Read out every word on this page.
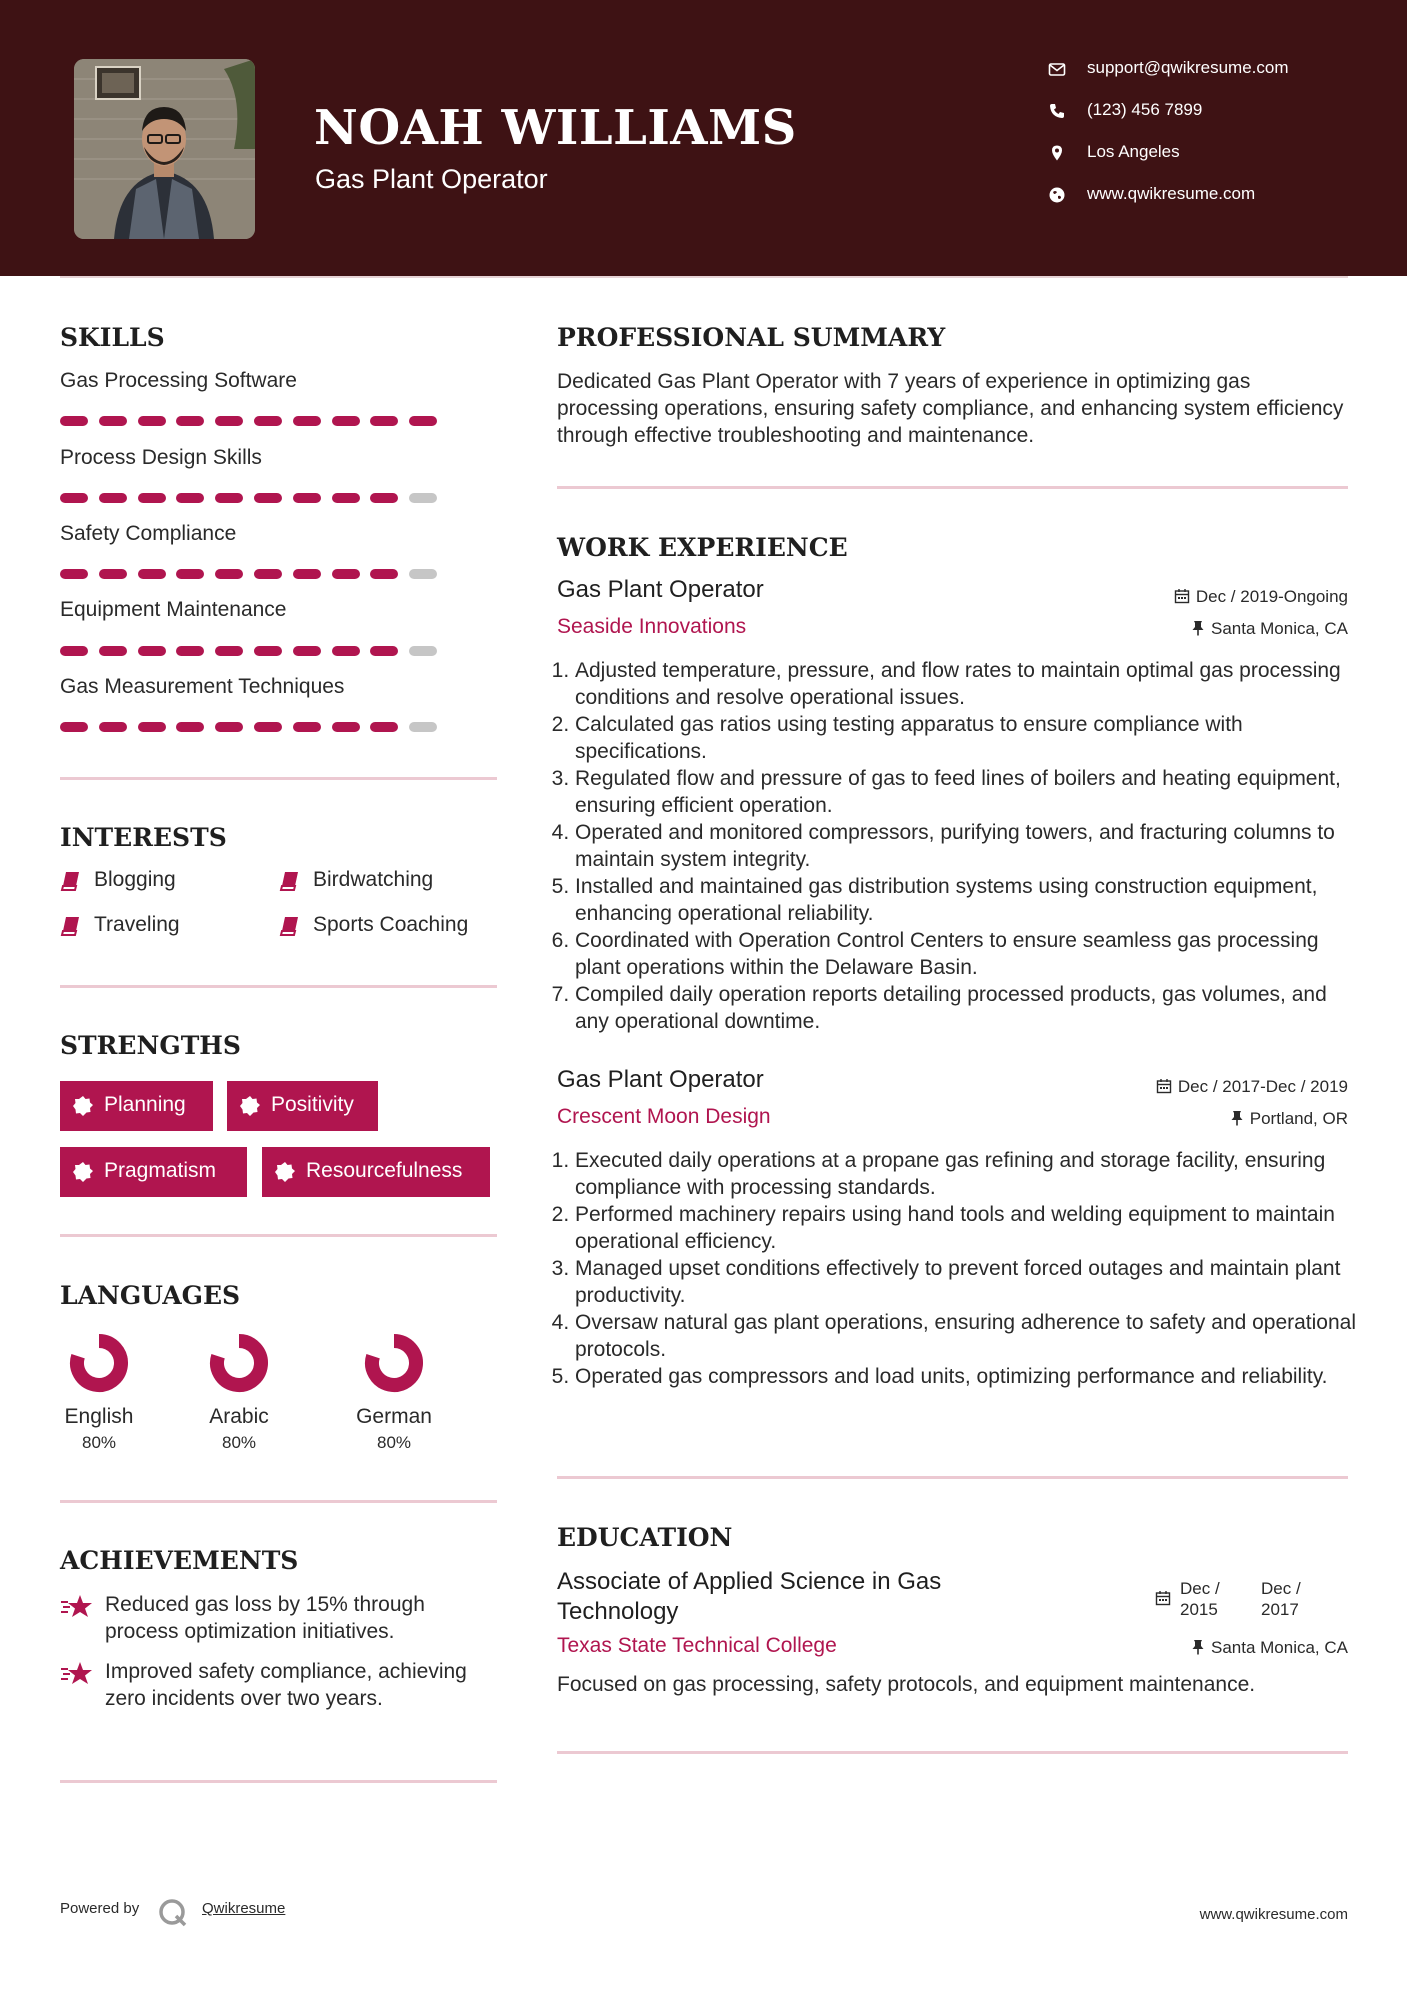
NOAH WILLIAMS
Gas Plant Operator
support@qwikresume.com
(123) 456 7899
Los Angeles
www.qwikresume.com
SKILLS
Gas Processing Software
Process Design Skills
Safety Compliance
Equipment Maintenance
Gas Measurement Techniques
INTERESTS
Blogging	Birdwatching
Traveling	Sports Coaching
STRENGTHS
Planning	Positivity
Pragmatism	Resourcefulness
LANGUAGES
English
80%
Arabic
80%
German
80%
ACHIEVEMENTS
Reduced gas loss by 15% through process optimization initiatives.
Improved safety compliance, achieving zero incidents over two years.
PROFESSIONAL SUMMARY
Dedicated Gas Plant Operator with 7 years of experience in optimizing gas processing operations, ensuring safety compliance, and enhancing system efficiency through effective troubleshooting and maintenance.
WORK EXPERIENCE
Gas Plant Operator
Seaside Innovations
Dec / 2019-Ongoing
Santa Monica, CA
1. Adjusted temperature, pressure, and flow rates to maintain optimal gas processing conditions and resolve operational issues.
2. Calculated gas ratios using testing apparatus to ensure compliance with specifications.
3. Regulated flow and pressure of gas to feed lines of boilers and heating equipment, ensuring efficient operation.
4. Operated and monitored compressors, purifying towers, and fracturing columns to maintain system integrity.
5. Installed and maintained gas distribution systems using construction equipment, enhancing operational reliability.
6. Coordinated with Operation Control Centers to ensure seamless gas processing plant operations within the Delaware Basin.
7. Compiled daily operation reports detailing processed products, gas volumes, and any operational downtime.
Gas Plant Operator
Crescent Moon Design
Dec / 2017-Dec / 2019
Portland, OR
1. Executed daily operations at a propane gas refining and storage facility, ensuring compliance with processing standards.
2. Performed machinery repairs using hand tools and welding equipment to maintain operational efficiency.
3. Managed upset conditions effectively to prevent forced outages and maintain plant productivity.
4. Oversaw natural gas plant operations, ensuring adherence to safety and operational protocols.
5. Operated gas compressors and load units, optimizing performance and reliability.
EDUCATION
Associate of Applied Science in Gas Technology
Dec / 2015
Dec / 2017
Texas State Technical College	Santa Monica, CA
Focused on gas processing, safety protocols, and equipment maintenance.
Powered by	Qwikresume	www.qwikresume.com
